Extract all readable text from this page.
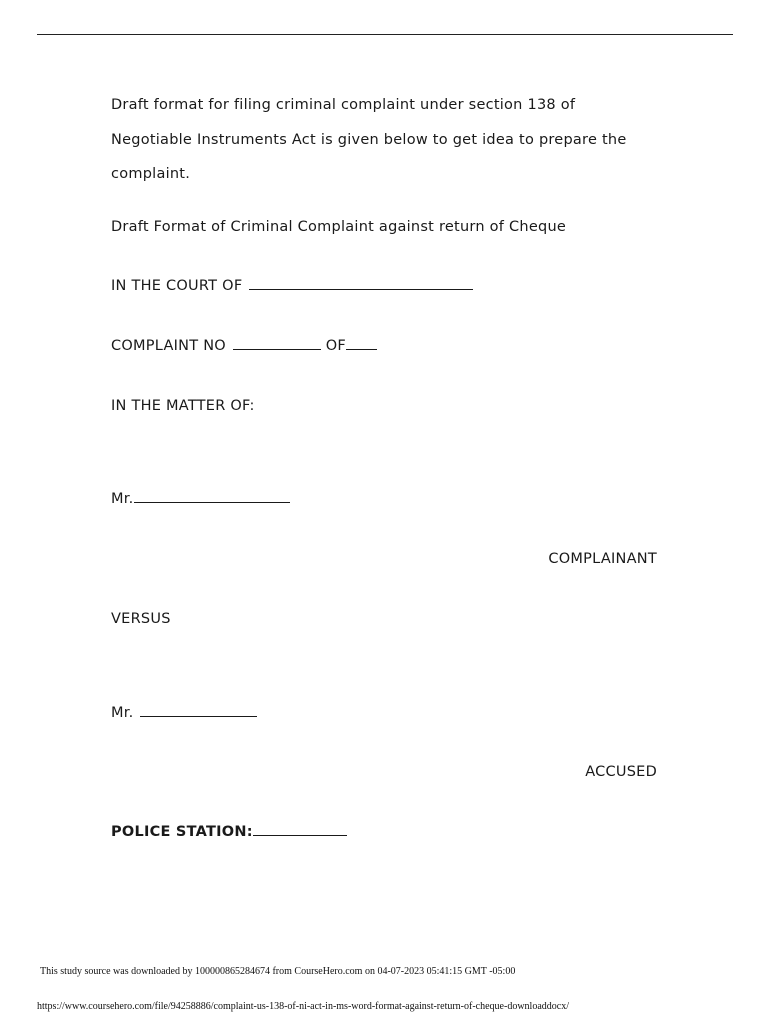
Draft format for filing criminal complaint under section 138 of
Negotiable Instruments Act is given below to get idea to prepare the
complaint.
Draft Format of Criminal Complaint against return of Cheque
IN THE COURT OF
COMPLAINT NO	OF
IN THE MATTER OF:
Mr.
COMPLAINANT
VERSUS
Mr.
ACCUSED
POLICE STATION:
This study source was downloaded by 100000865284674 from CourseHero.com on 04-07-2023 05:41:15 GMT -05:00
https://www.coursehero.com/file/94258886/complaint-us-138-of-ni-act-in-ms-word-format-against-return-of-cheque-downloaddocx/
